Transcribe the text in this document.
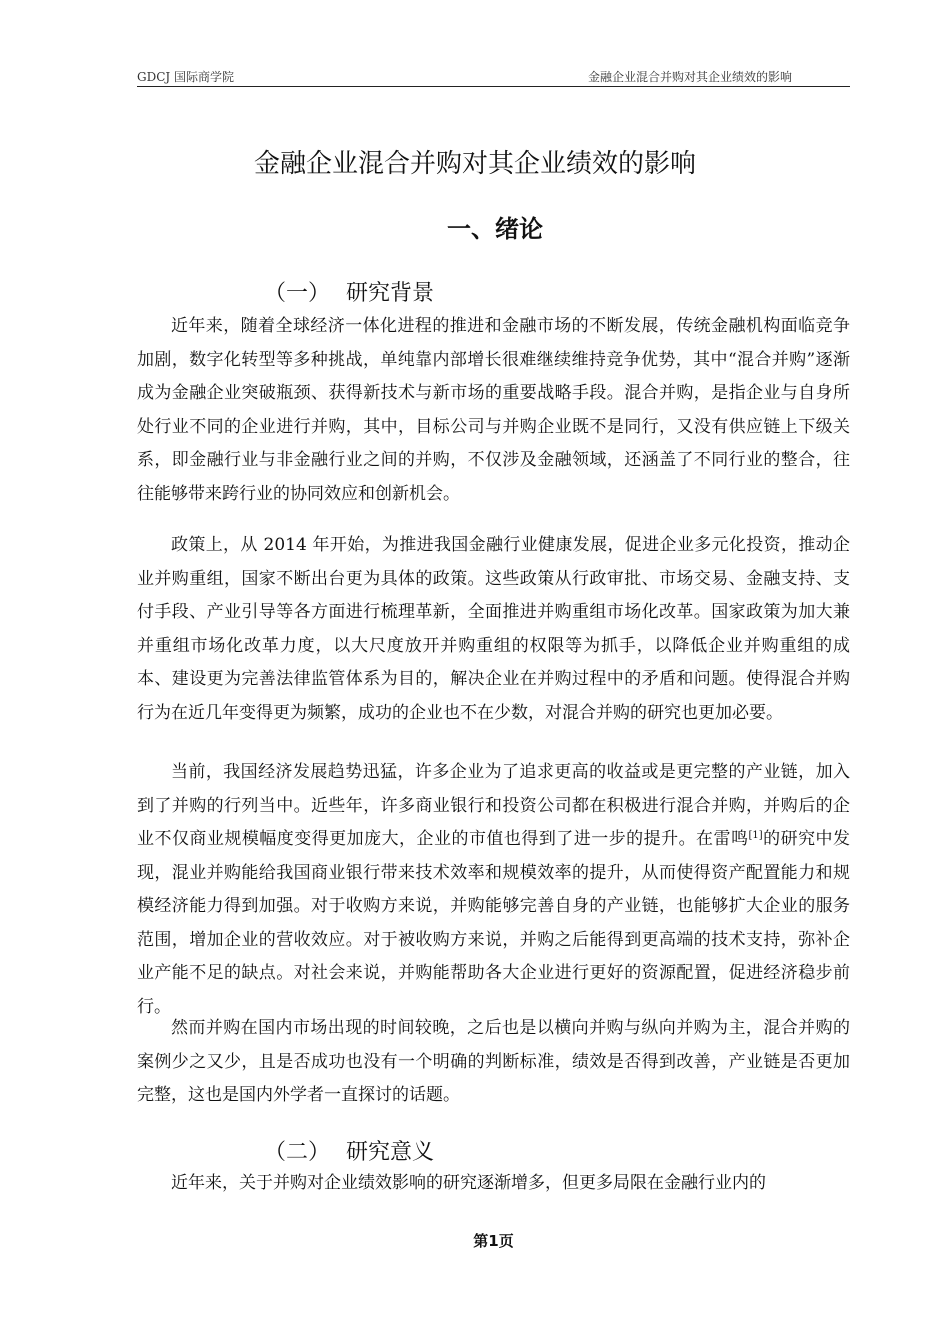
GDCJ 国际商学院	金融企业混合并购对其企业绩效的影响
金融企业混合并购对其企业绩效的影响
一、绪论
（一） 研究背景

近年来，随着全球经济一体化进程的推进和金融市场的不断发展，传统金融机构面临竞争加剧，数字化转型等多种挑战，单纯靠内部增长很难继续维持竞争优势，其中“混合并购”逐渐成为金融企业突破瓶颈、获得新技术与新市场的重要战略手段。混合并购，是指企业与自身所处行业不同的企业进行并购，其中，目标公司与并购企业既不是同行，又没有供应链上下级关系，即金融行业与非金融行业之间的并购，不仅涉及金融领域，还涵盖了不同行业的整合，往往能够带来跨行业的协同效应和创新机会。

政策上，从 2014 年开始，为推进我国金融行业健康发展，促进企业多元化投资，推动企业并购重组，国家不断出台更为具体的政策。这些政策从行政审批、市场交易、金融支持、支付手段、产业引导等各方面进行梳理革新，全面推进并购重组市场化改革。国家政策为加大兼并重组市场化改革力度，以大尺度放开并购重组的权限等为抓手，以降低企业并购重组的成本、建设更为完善法律监管体系为目的，解决企业在并购过程中的矛盾和问题。使得混合并购行为在近几年变得更为频繁，成功的企业也不在少数，对混合并购的研究也更加必要。

当前，我国经济发展趋势迅猛，许多企业为了追求更高的收益或是更完整的产业链，加入到了并购的行列当中。近些年，许多商业银行和投资公司都在积极进行混合并购，并购后的企业不仅商业规模幅度变得更加庞大，企业的市值也得到了进一步的提升。在雷鸣[1]的研究中发现，混业并购能给我国商业银行带来技术效率和规模效率的提升，从而使得资产配置能力和规模经济能力得到加强。对于收购方来说，并购能够完善自身的产业链，也能够扩大企业的服务范围，增加企业的营收效应。对于被收购方来说，并购之后能得到更高端的技术支持，弥补企业产能不足的缺点。对社会来说，并购能帮助各大企业进行更好的资源配置，促进经济稳步前行。

然而并购在国内市场出现的时间较晚，之后也是以横向并购与纵向并购为主，混合并购的案例少之又少，且是否成功也没有一个明确的判断标准，绩效是否得到改善，产业链是否更加完整，这也是国内外学者一直探讨的话题。

（二） 研究意义

近年来，关于并购对企业绩效影响的研究逐渐增多，但更多局限在金融行业内的

第1页
